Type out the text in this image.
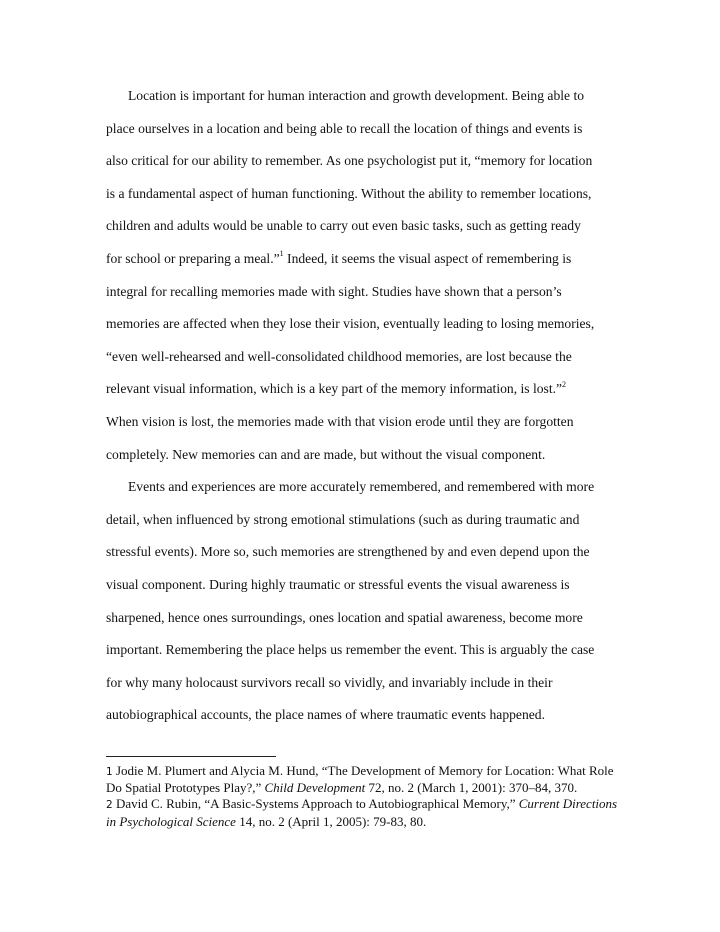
Location is important for human interaction and growth development. Being able to
place ourselves in a location and being able to recall the location of things and events is
also critical for our ability to remember. As one psychologist put it, “memory for location
is a fundamental aspect of human functioning. Without the ability to remember locations,
children and adults would be unable to carry out even basic tasks, such as getting ready
for school or preparing a meal.”$^1$ Indeed, it seems the visual aspect of remembering is
integral for recalling memories made with sight. Studies have shown that a person’s
memories are affected when they lose their vision, eventually leading to losing memories,
“even well-rehearsed and well-consolidated childhood memories, are lost because the
relevant visual information, which is a key part of the memory information, is lost.”$^2$
When vision is lost, the memories made with that vision erode until they are forgotten
completely. New memories can and are made, but without the visual component.

Events and experiences are more accurately remembered, and remembered with more
detail, when influenced by strong emotional stimulations (such as during traumatic and
stressful events). More so, such memories are strengthened by and even depend upon the
visual component. During highly traumatic or stressful events the visual awareness is
sharpened, hence ones surroundings, ones location and spatial awareness, become more
important. Remembering the place helps us remember the event. This is arguably the case
for why many holocaust survivors recall so vividly, and invariably include in their
autobiographical accounts, the place names of where traumatic events happened.

1 Jodie M. Plumert and Alycia M. Hund, “The Development of Memory for Location: What Role Do Spatial Prototypes Play?,” Child Development 72, no. 2 (March 1, 2001): 370–84, 370.

2 David C. Rubin, “A Basic-Systems Approach to Autobiographical Memory,” Current Directions in Psychological Science 14, no. 2 (April 1, 2005): 79-83, 80.
